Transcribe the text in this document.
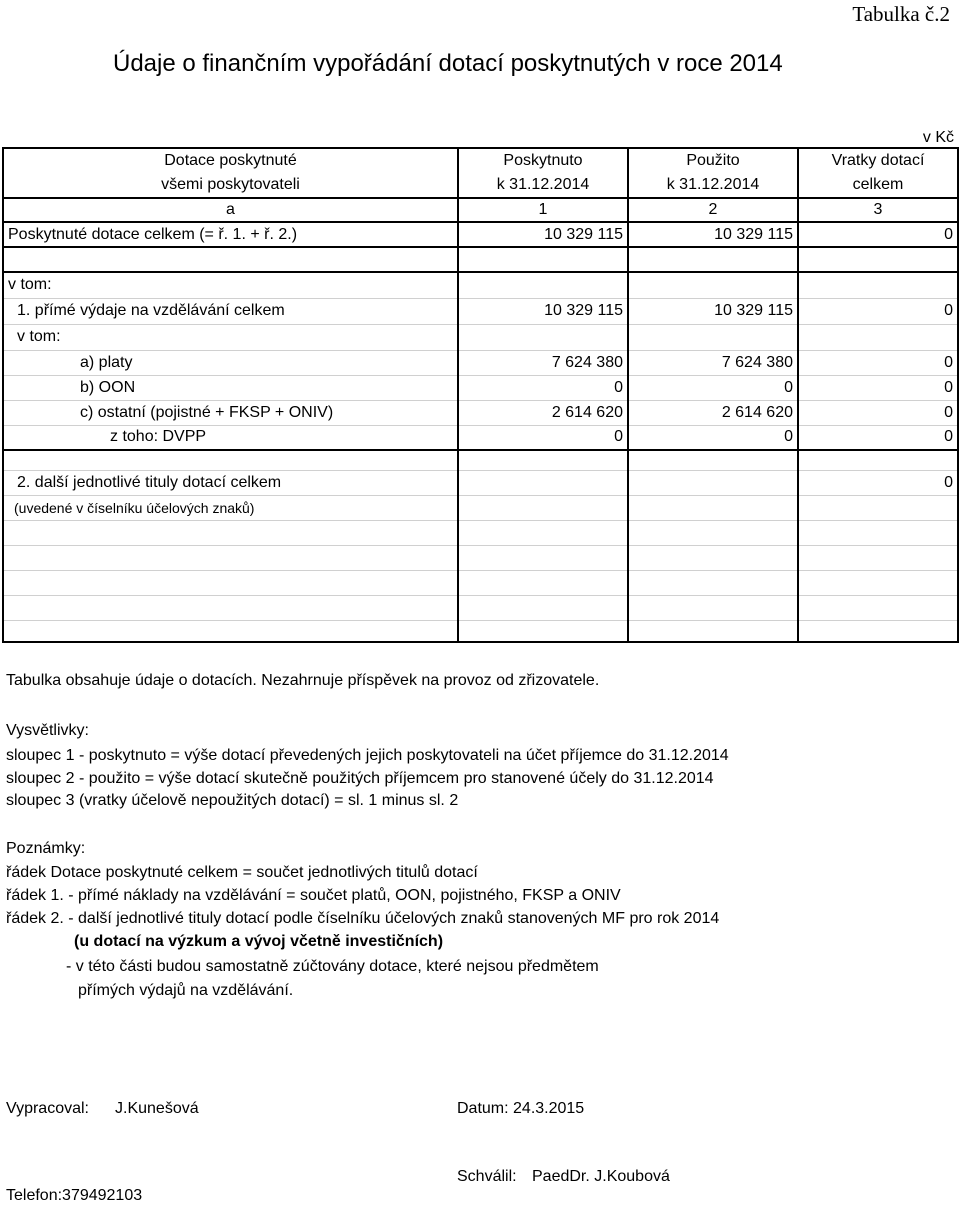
Tabulka č.2
Údaje o finančním vypořádání dotací poskytnutých v roce 2014
v Kč
Dotace poskytnuté	Poskytnuto	Použito	Vratky dotací
všemi poskytovateli	k 31.12.2014	k 31.12.2014	celkem
a	1	2	3
Poskytnuté dotace celkem (= ř. 1. + ř. 2.)	10 329 115	10 329 115	0

v tom:			
1. přímé výdaje na vzdělávání celkem	10 329 115	10 329 115	0
v tom:			
a) platy	7 624 380	7 624 380	0
b) OON	0	0	0
c) ostatní (pojistné + FKSP + ONIV)	2 614 620	2 614 620	0
z toho: DVPP	0	0	0

2. další jednotlivé tituly dotací celkem			0
(uvedené v číselníku účelových znaků)			

Tabulka obsahuje údaje o dotacích. Nezahrnuje příspěvek na provoz od zřizovatele.
Vysvětlivky:
sloupec 1 - poskytnuto = výše dotací převedených jejich poskytovateli na účet příjemce do 31.12.2014
sloupec 2 - použito = výše dotací skutečně použitých příjemcem pro stanovené účely do 31.12.2014
sloupec 3 (vratky účelově nepoužitých dotací) = sl. 1 minus sl. 2
Poznámky:
řádek Dotace poskytnuté celkem = součet jednotlivých titulů dotací
řádek 1. - přímé náklady na vzdělávání = součet platů, OON, pojistného, FKSP a ONIV
řádek 2. - další jednotlivé tituly dotací podle číselníku účelových znaků stanovených MF pro rok 2014
(u dotací na výzkum a vývoj včetně investičních)
- v této části budou samostatně zúčtovány dotace, které nejsou předmětem
přímých výdajů na vzdělávání.
Vypracoval: J.Kunešová	Datum: 24.3.2015
Schválil: PaedDr. J.Koubová
Telefon:379492103
